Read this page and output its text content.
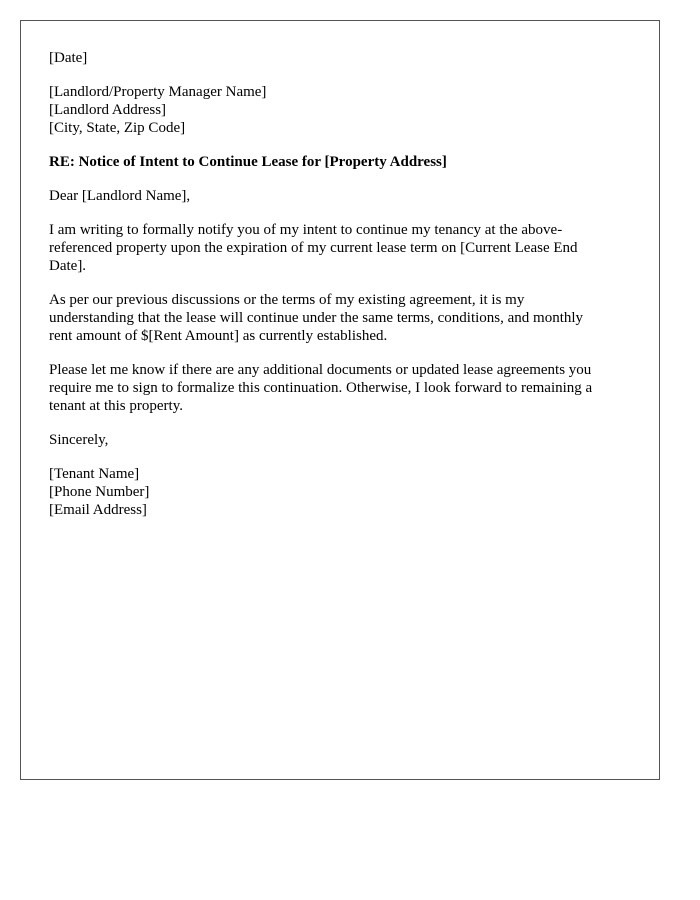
[Date]
[Landlord/Property Manager Name]
[Landlord Address]
[City, State, Zip Code]
RE: Notice of Intent to Continue Lease for [Property Address]
Dear [Landlord Name],
I am writing to formally notify you of my intent to continue my tenancy at the above-
referenced property upon the expiration of my current lease term on [Current Lease End
Date].
As per our previous discussions or the terms of my existing agreement, it is my
understanding that the lease will continue under the same terms, conditions, and monthly
rent amount of $[Rent Amount] as currently established.
Please let me know if there are any additional documents or updated lease agreements you
require me to sign to formalize this continuation. Otherwise, I look forward to remaining a
tenant at this property.
Sincerely,
[Tenant Name]
[Phone Number]
[Email Address]
